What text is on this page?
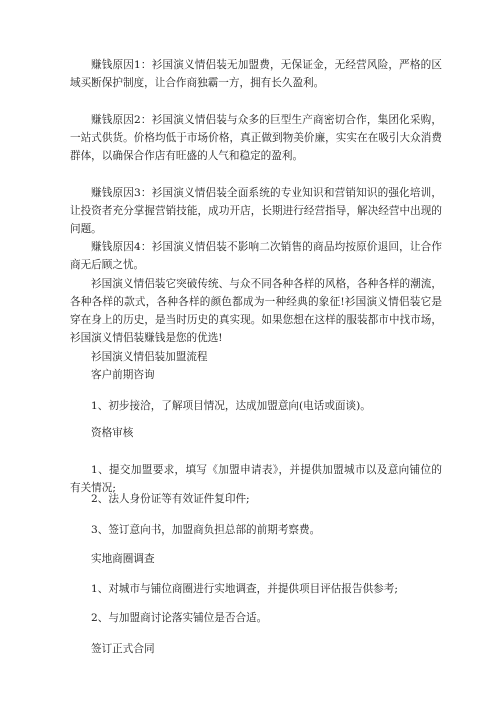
赚钱原因1：衫国演义情侣装无加盟费，无保证金，无经营风险，严格的区域买断保护制度，让合作商独霸一方，拥有长久盈利。

赚钱原因2：衫国演义情侣装与众多的巨型生产商密切合作，集团化采购，一站式供货。价格均低于市场价格，真正做到物美价廉，实实在在吸引大众消费群体，以确保合作店有旺盛的人气和稳定的盈利。

赚钱原因3：衫国演义情侣装全面系统的专业知识和营销知识的强化培训，让投资者充分掌握营销技能，成功开店，长期进行经营指导，解决经营中出现的问题。

赚钱原因4：衫国演义情侣装不影响二次销售的商品均按原价退回，让合作商无后顾之忧。

衫国演义情侣装它突破传统、与众不同各种各样的风格，各种各样的潮流，各种各样的款式，各种各样的颜色都成为一种经典的象征!衫国演义情侣装它是穿在身上的历史，是当时历史的真实现。如果您想在这样的服装都市中找市场， 衫国演义情侣装赚钱是您的优选!

衫国演义情侣装加盟流程

客户前期咨询

1、初步接洽，了解项目情况，达成加盟意向(电话或面谈)。

资格审核

1、提交加盟要求，填写《加盟申请表》，并提供加盟城市以及意向铺位的有关情况;

2、法人身份证等有效证件复印件;

3、签订意向书，加盟商负担总部的前期考察费。

实地商圈调查

1、对城市与铺位商圈进行实地调查，并提供项目评估报告供参考;

2、与加盟商讨论落实铺位是否合适。

签订正式合同
